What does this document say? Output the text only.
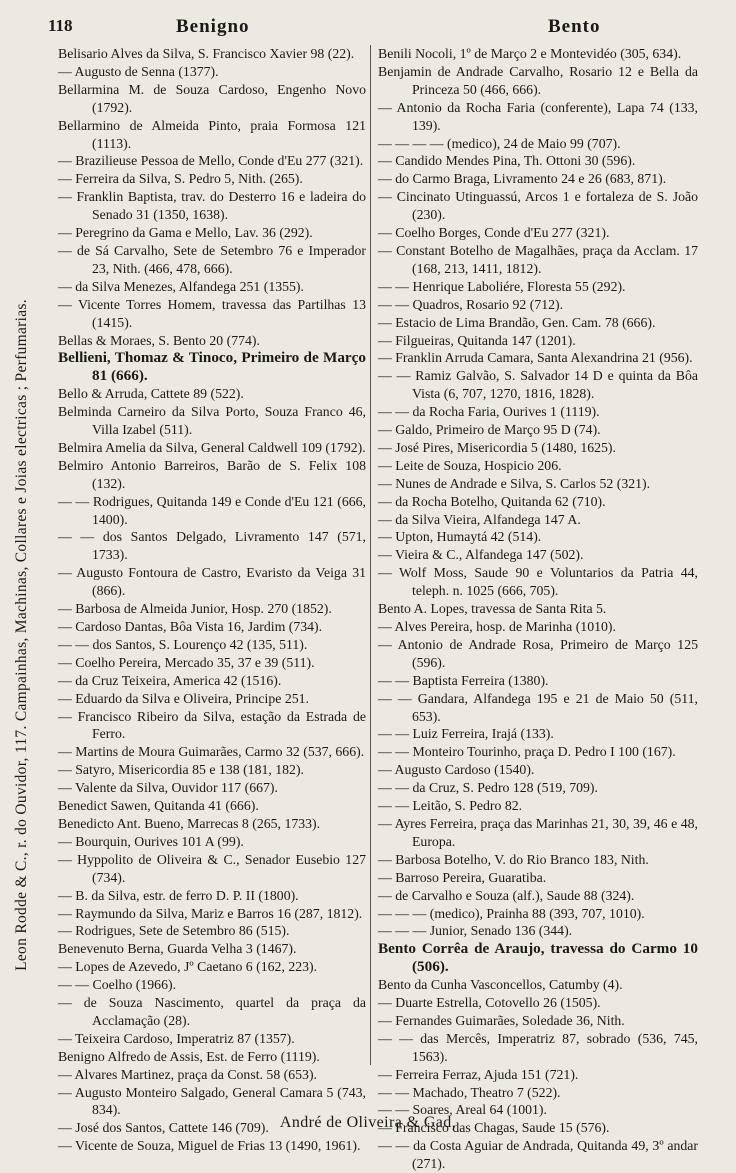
118	Benigno	Bento
Leon Rodde & C., r. do Ouvidor, 117. Campainhas, Machinas, Collares e Joias electricas ; Perfumarias.
Belisario Alves da Silva, S. Francisco Xavier 98 (22).
— Augusto de Senna (1377).
Bellarmina M. de Souza Cardoso, Engenho Novo (1792).
Bellarmino de Almeida Pinto, praia Formosa 121 (1113).
— Brazilieuse Pessoa de Mello, Conde d'Eu 277 (321).
— Ferreira da Silva, S. Pedro 5, Nith. (265).
— Franklin Baptista, trav. do Desterro 16 e ladeira do Senado 31 (1350, 1638).
— Peregrino da Gama e Mello, Lav. 36 (292).
— de Sá Carvalho, Sete de Setembro 76 e Imperador 23, Nith. (466, 478, 666).
— da Silva Menezes, Alfandega 251 (1355).
— Vicente Torres Homem, travessa das Partilhas 13 (1415).
Bellas & Moraes, S. Bento 20 (774).
Bellieni, Thomaz & Tinoco, Primeiro de Março 81 (666).
Bello & Arruda, Cattete 89 (522).
Belminda Carneiro da Silva Porto, Souza Franco 46, Villa Izabel (511).
Belmira Amelia da Silva, General Caldwell 109 (1792).
Belmiro Antonio Barreiros, Barão de S. Felix 108 (132).
— — Rodrigues, Quitanda 149 e Conde d'Eu 121 (666, 1400).
— — dos Santos Delgado, Livramento 147 (571, 1733).
— Augusto Fontoura de Castro, Evaristo da Veiga 31 (866).
— Barbosa de Almeida Junior, Hosp. 270 (1852).
— Cardoso Dantas, Bôa Vista 16, Jardim (734).
— — dos Santos, S. Lourenço 42 (135, 511).
— Coelho Pereira, Mercado 35, 37 e 39 (511).
— da Cruz Teixeira, America 42 (1516).
— Eduardo da Silva e Oliveira, Principe 251.
— Francisco Ribeiro da Silva, estação da Estrada de Ferro.
— Martins de Moura Guimarães, Carmo 32 (537, 666).
— Satyro, Misericordia 85 e 138 (181, 182).
— Valente da Silva, Ouvidor 117 (667).
Benedict Sawen, Quitanda 41 (666).
Benedicto Ant. Bueno, Marrecas 8 (265, 1733).
— Bourquin, Ourives 101 A (99).
— Hyppolito de Oliveira & C., Senador Eusebio 127 (734).
— B. da Silva, estr. de ferro D. P. II (1800).
— Raymundo da Silva, Mariz e Barros 16 (287, 1812).
— Rodrigues, Sete de Setembro 86 (515).
Benevenuto Berna, Guarda Velha 3 (1467).
— Lopes de Azevedo, Jº Caetano 6 (162, 223).
— — Coelho (1966).
— de Souza Nascimento, quartel da praça da Acclamação (28).
— Teixeira Cardoso, Imperatriz 87 (1357).
Benigno Alfredo de Assis, Est. de Ferro (1119).
— Alvares Martinez, praça da Const. 58 (653).
— Augusto Monteiro Salgado, General Camara 5 (743, 834).
— José dos Santos, Cattete 146 (709).
— Vicente de Souza, Miguel de Frias 13 (1490, 1961).
Benili Nocoli, 1º de Março 2 e Montevidéo (305, 634).
Benjamin de Andrade Carvalho, Rosario 12 e Bella da Princeza 50 (466, 666).
— Antonio da Rocha Faria (conferente), Lapa 74 (133, 139).
— — — — (medico), 24 de Maio 99 (707).
— Candido Mendes Pina, Th. Ottoni 30 (596).
— do Carmo Braga, Livramento 24 e 26 (683, 871).
— Cincinato Utinguassú, Arcos 1 e fortaleza de S. João (230).
— Coelho Borges, Conde d'Eu 277 (321).
— Constant Botelho de Magalhães, praça da Acclam. 17 (168, 213, 1411, 1812).
— — Henrique Laboliére, Floresta 55 (292).
— — Quadros, Rosario 92 (712).
— Estacio de Lima Brandão, Gen. Cam. 78 (666).
— Filgueiras, Quitanda 147 (1201).
— Franklin Arruda Camara, Santa Alexandrina 21 (956).
— — Ramiz Galvão, S. Salvador 14 D e quinta da Bôa Vista (6, 707, 1270, 1816, 1828).
— — da Rocha Faria, Ourives 1 (1119).
— Galdo, Primeiro de Março 95 D (74).
— José Pires, Misericordia 5 (1480, 1625).
— Leite de Souza, Hospicio 206.
— Nunes de Andrade e Silva, S. Carlos 52 (321).
— da Rocha Botelho, Quitanda 62 (710).
— da Silva Vieira, Alfandega 147 A.
— Upton, Humaytá 42 (514).
— Vieira & C., Alfandega 147 (502).
— Wolf Moss, Saude 90 e Voluntarios da Patria 44, teleph. n. 1025 (666, 705).
Bento A. Lopes, travessa de Santa Rita 5.
— Alves Pereira, hosp. de Marinha (1010).
— Antonio de Andrade Rosa, Primeiro de Março 125 (596).
— — Baptista Ferreira (1380).
— — Gandara, Alfandega 195 e 21 de Maio 50 (511, 653).
— — Luiz Ferreira, Irajá (133).
— — Monteiro Tourinho, praça D. Pedro I 100 (167).
— Augusto Cardoso (1540).
— — da Cruz, S. Pedro 128 (519, 709).
— — Leitão, S. Pedro 82.
— Ayres Ferreira, praça das Marinhas 21, 30, 39, 46 e 48, Europa.
— Barbosa Botelho, V. do Rio Branco 183, Nith.
— Barroso Pereira, Guaratiba.
— de Carvalho e Souza (alf.), Saude 88 (324).
— — — (medico), Prainha 88 (393, 707, 1010).
— — — Junior, Senado 136 (344).
Bento Corrêa de Araujo, travessa do Carmo 10 (506).
Bento da Cunha Vasconcellos, Catumby (4).
— Duarte Estrella, Cotovello 26 (1505).
— Fernandes Guimarães, Soledade 36, Nith.
— — das Mercês, Imperatriz 87, sobrado (536, 745, 1563).
— Ferreira Ferraz, Ajuda 151 (721).
— — Machado, Theatro 7 (522).
— — Soares, Areal 64 (1001).
— Francisco das Chagas, Saude 15 (576).
— — da Costa Aguiar de Andrada, Quitanda 49, 3º andar (271).
André de Oliveira & Gad,
